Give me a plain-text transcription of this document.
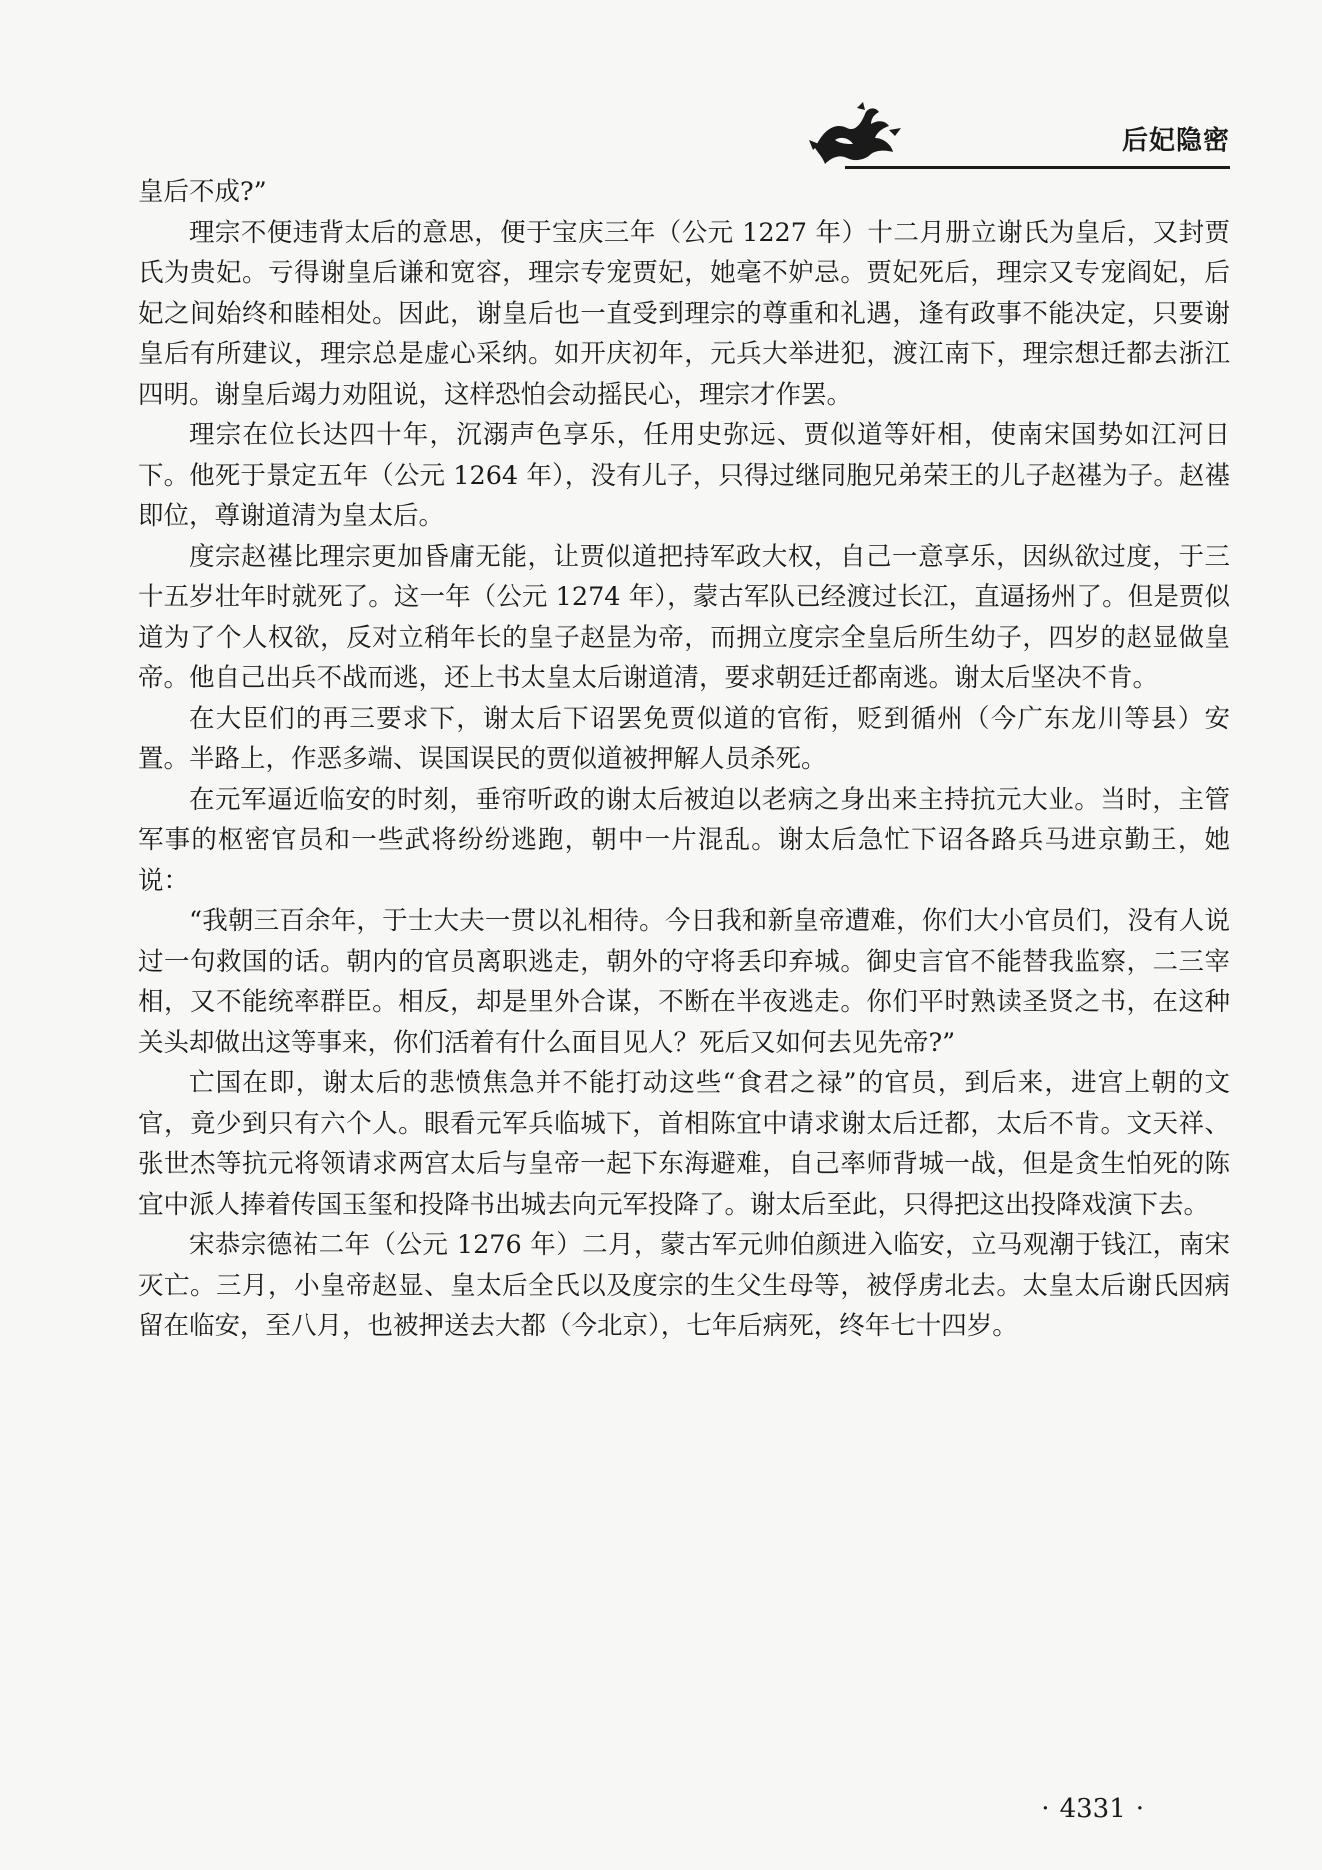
后妃隐密

皇后不成?”

理宗不便违背太后的意思，便于宝庆三年（公元 1227 年）十二月册立谢氏为皇后，又封贾氏为贵妃。亏得谢皇后谦和宽容，理宗专宠贾妃，她毫不妒忌。贾妃死后，理宗又专宠阎妃，后妃之间始终和睦相处。因此，谢皇后也一直受到理宗的尊重和礼遇，逢有政事不能决定，只要谢皇后有所建议，理宗总是虚心采纳。如开庆初年，元兵大举进犯，渡江南下，理宗想迁都去浙江四明。谢皇后竭力劝阻说，这样恐怕会动摇民心，理宗才作罢。

理宗在位长达四十年，沉溺声色享乐，任用史弥远、贾似道等奸相，使南宋国势如江河日下。他死于景定五年（公元 1264 年），没有儿子，只得过继同胞兄弟荣王的儿子赵禥为子。赵禥即位，尊谢道清为皇太后。

度宗赵禥比理宗更加昏庸无能，让贾似道把持军政大权，自己一意享乐，因纵欲过度，于三十五岁壮年时就死了。这一年（公元 1274 年），蒙古军队已经渡过长江，直逼扬州了。但是贾似道为了个人权欲，反对立稍年长的皇子赵昰为帝，而拥立度宗全皇后所生幼子，四岁的赵显做皇帝。他自己出兵不战而逃，还上书太皇太后谢道清，要求朝廷迁都南逃。谢太后坚决不肯。

在大臣们的再三要求下，谢太后下诏罢免贾似道的官衔，贬到循州（今广东龙川等县）安置。半路上，作恶多端、误国误民的贾似道被押解人员杀死。

在元军逼近临安的时刻，垂帘听政的谢太后被迫以老病之身出来主持抗元大业。当时，主管军事的枢密官员和一些武将纷纷逃跑，朝中一片混乱。谢太后急忙下诏各路兵马进京勤王，她说：

“我朝三百余年，于士大夫一贯以礼相待。今日我和新皇帝遭难，你们大小官员们，没有人说过一句救国的话。朝内的官员离职逃走，朝外的守将丢印弃城。御史言官不能替我监察，二三宰相，又不能统率群臣。相反，却是里外合谋，不断在半夜逃走。你们平时熟读圣贤之书，在这种关头却做出这等事来，你们活着有什么面目见人？死后又如何去见先帝?”

亡国在即，谢太后的悲愤焦急并不能打动这些“食君之禄”的官员，到后来，进宫上朝的文官，竟少到只有六个人。眼看元军兵临城下，首相陈宜中请求谢太后迁都，太后不肯。文天祥、张世杰等抗元将领请求两宫太后与皇帝一起下东海避难，自己率师背城一战，但是贪生怕死的陈宜中派人捧着传国玉玺和投降书出城去向元军投降了。谢太后至此，只得把这出投降戏演下去。

宋恭宗德祐二年（公元 1276 年）二月，蒙古军元帅伯颜进入临安，立马观潮于钱江，南宋灭亡。三月，小皇帝赵显、皇太后全氏以及度宗的生父生母等，被俘虏北去。太皇太后谢氏因病留在临安，至八月，也被押送去大都（今北京），七年后病死，终年七十四岁。

· 4331 ·
